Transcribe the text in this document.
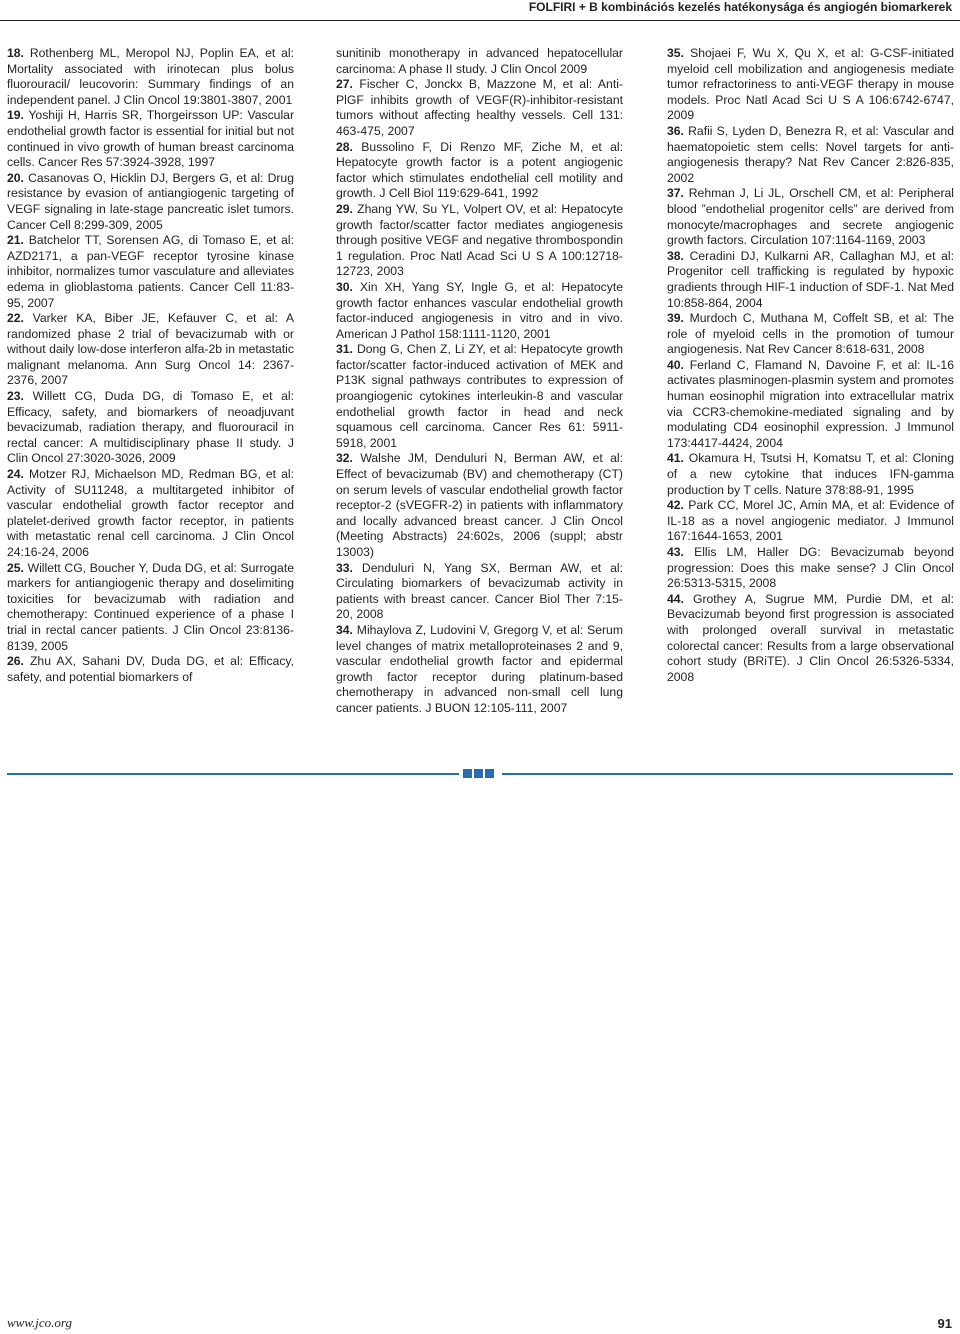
FOLFIRI + B kombinációs kezelés hatékonysága és angiogén biomarkerek

18. Rothenberg ML, Meropol NJ, Poplin EA, et al: Mortality associated with irinotecan plus bolus fluorouracil/ leucovorin: Summary findings of an independent panel. J Clin Oncol 19:3801-3807, 2001

19. Yoshiji H, Harris SR, Thorgeirsson UP: Vascular endothelial growth factor is essential for initial but not continued in vivo growth of human breast carcinoma cells. Cancer Res 57:3924-3928, 1997

20. Casanovas O, Hicklin DJ, Bergers G, et al: Drug resistance by evasion of antiangiogenic targeting of VEGF signaling in late-stage pancreatic islet tumors. Cancer Cell 8:299-309, 2005

21. Batchelor TT, Sorensen AG, di Tomaso E, et al: AZD2171, a pan-VEGF receptor tyrosine kinase inhibitor, normalizes tumor vasculature and alleviates edema in glioblastoma patients. Cancer Cell 11:83-95, 2007

22. Varker KA, Biber JE, Kefauver C, et al: A randomized phase 2 trial of bevacizumab with or without daily low-dose interferon alfa-2b in metastatic malignant melanoma. Ann Surg Oncol 14: 2367-2376, 2007

23. Willett CG, Duda DG, di Tomaso E, et al: Efficacy, safety, and biomarkers of neoadjuvant bevacizumab, radiation therapy, and fluorouracil in rectal cancer: A multidisciplinary phase II study. J Clin Oncol 27:3020-3026, 2009

24. Motzer RJ, Michaelson MD, Redman BG, et al: Activity of SU11248, a multitargeted inhibitor of vascular endothelial growth factor receptor and platelet-derived growth factor receptor, in patients with metastatic renal cell carcinoma. J Clin Oncol 24:16-24, 2006

25. Willett CG, Boucher Y, Duda DG, et al: Surrogate markers for antiangiogenic therapy and doselimiting toxicities for bevacizumab with radiation and chemotherapy: Continued experience of a phase I trial in rectal cancer patients. J Clin Oncol 23:8136- 8139, 2005

26. Zhu AX, Sahani DV, Duda DG, et al: Efficacy, safety, and potential biomarkers of

sunitinib monotherapy in advanced hepatocellular carcinoma: A phase II study. J Clin Oncol 2009

27. Fischer C, Jonckx B, Mazzone M, et al: Anti- PlGF inhibits growth of VEGF(R)-inhibitor-resistant tumors without affecting healthy vessels. Cell 131: 463-475, 2007

28. Bussolino F, Di Renzo MF, Ziche M, et al: Hepatocyte growth factor is a potent angiogenic factor which stimulates endothelial cell motility and growth. J Cell Biol 119:629-641, 1992

29. Zhang YW, Su YL, Volpert OV, et al: Hepatocyte growth factor/scatter factor mediates angiogenesis through positive VEGF and negative thrombospondin 1 regulation. Proc Natl Acad Sci U S A 100:12718-12723, 2003

30. Xin XH, Yang SY, Ingle G, et al: Hepatocyte growth factor enhances vascular endothelial growth factor-induced angiogenesis in vitro and in vivo. American J Pathol 158:1111-1120, 2001

31. Dong G, Chen Z, Li ZY, et al: Hepatocyte growth factor/scatter factor-induced activation of MEK and P13K signal pathways contributes to expression of proangiogenic cytokines interleukin-8 and vascular endothelial growth factor in head and neck squamous cell carcinoma. Cancer Res 61: 5911-5918, 2001

32. Walshe JM, Denduluri N, Berman AW, et al: Effect of bevacizumab (BV) and chemotherapy (CT) on serum levels of vascular endothelial growth factor receptor-2 (sVEGFR-2) in patients with inflammatory and locally advanced breast cancer. J Clin Oncol (Meeting Abstracts) 24:602s, 2006 (suppl; abstr 13003)

33. Denduluri N, Yang SX, Berman AW, et al: Circulating biomarkers of bevacizumab activity in patients with breast cancer. Cancer Biol Ther 7:15-20, 2008

34. Mihaylova Z, Ludovini V, Gregorg V, et al: Serum level changes of matrix metalloproteinases 2 and 9, vascular endothelial growth factor and epidermal growth factor receptor during platinum-based chemotherapy in advanced non-small cell lung cancer patients. J BUON 12:105-111, 2007

35. Shojaei F, Wu X, Qu X, et al: G-CSF-initiated myeloid cell mobilization and angiogenesis mediate tumor refractoriness to anti-VEGF therapy in mouse models. Proc Natl Acad Sci U S A 106:6742-6747, 2009

36. Rafii S, Lyden D, Benezra R, et al: Vascular and haematopoietic stem cells: Novel targets for anti-angiogenesis therapy? Nat Rev Cancer 2:826-835, 2002

37. Rehman J, Li JL, Orschell CM, et al: Peripheral blood ”endothelial progenitor cells” are derived from monocyte/macrophages and secrete angiogenic growth factors. Circulation 107:1164-1169, 2003

38. Ceradini DJ, Kulkarni AR, Callaghan MJ, et al: Progenitor cell trafficking is regulated by hypoxic gradients through HIF-1 induction of SDF-1. Nat Med 10:858-864, 2004

39. Murdoch C, Muthana M, Coffelt SB, et al: The role of myeloid cells in the promotion of tumour angiogenesis. Nat Rev Cancer 8:618-631, 2008

40. Ferland C, Flamand N, Davoine F, et al: IL-16 activates plasminogen-plasmin system and promotes human eosinophil migration into extracellular matrix via CCR3-chemokine-mediated signaling and by modulating CD4 eosinophil expression. J Immunol 173:4417-4424, 2004

41. Okamura H, Tsutsi H, Komatsu T, et al: Cloning of a new cytokine that induces IFN-gamma production by T cells. Nature 378:88-91, 1995

42. Park CC, Morel JC, Amin MA, et al: Evidence of IL-18 as a novel angiogenic mediator. J Immunol 167:1644-1653, 2001

43. Ellis LM, Haller DG: Bevacizumab beyond progression: Does this make sense? J Clin Oncol 26:5313-5315, 2008

44. Grothey A, Sugrue MM, Purdie DM, et al: Bevacizumab beyond first progression is associated with prolonged overall survival in metastatic colorectal cancer: Results from a large observational cohort study (BRiTE). J Clin Oncol 26:5326-5334, 2008

www.jco.org	91
